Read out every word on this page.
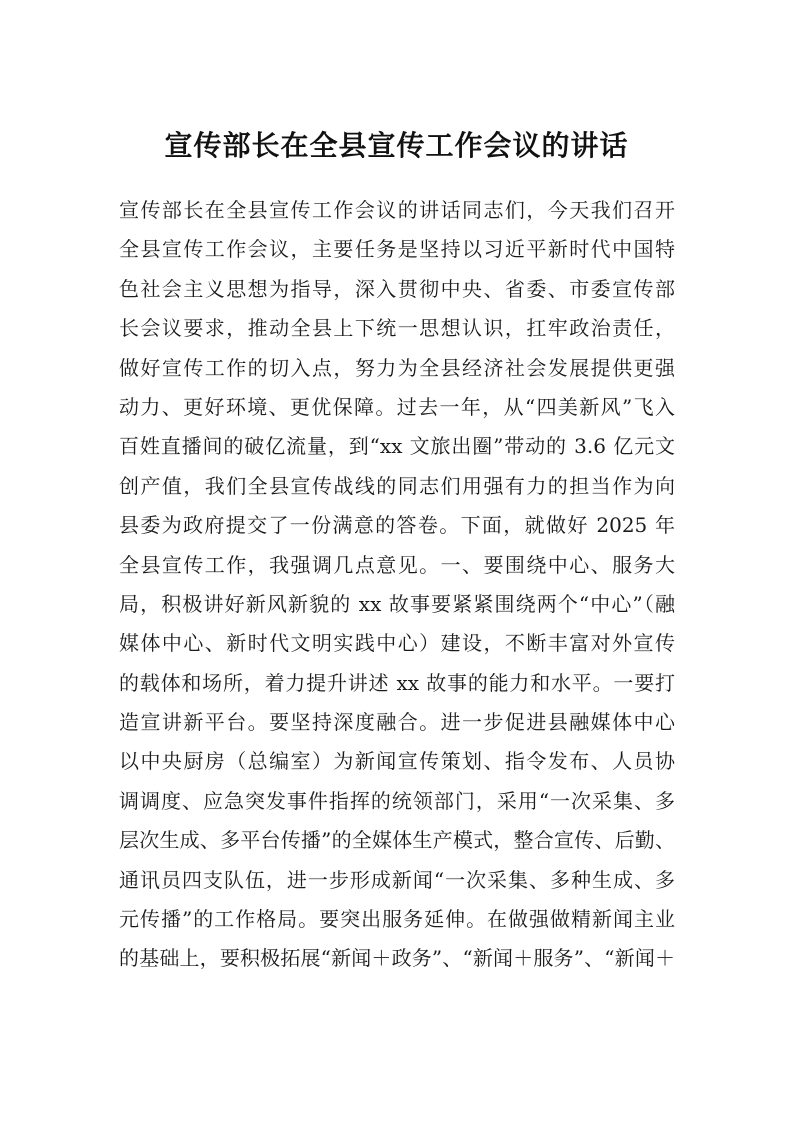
宣传部长在全县宣传工作会议的讲话
宣传部长在全县宣传工作会议的讲话同志们，今天我们召开
全县宣传工作会议，主要任务是坚持以习近平新时代中国特
色社会主义思想为指导，深入贯彻中央、省委、市委宣传部
长会议要求，推动全县上下统一思想认识，扛牢政治责任，
做好宣传工作的切入点，努力为全县经济社会发展提供更强
动力、更好环境、更优保障。过去一年，从“四美新风”飞入
百姓直播间的破亿流量，到“xx 文旅出圈”带动的 3.6 亿元文
创产值，我们全县宣传战线的同志们用强有力的担当作为向
县委为政府提交了一份满意的答卷。下面，就做好 2025 年
全县宣传工作，我强调几点意见。一、要围绕中心、服务大
局，积极讲好新风新貌的 xx 故事要紧紧围绕两个“中心”（融
媒体中心、新时代文明实践中心）建设，不断丰富对外宣传
的载体和场所，着力提升讲述 xx 故事的能力和水平。一要打
造宣讲新平台。要坚持深度融合。进一步促进县融媒体中心
以中央厨房（总编室）为新闻宣传策划、指令发布、人员协
调调度、应急突发事件指挥的统领部门，采用“一次采集、多
层次生成、多平台传播”的全媒体生产模式，整合宣传、后勤、
通讯员四支队伍，进一步形成新闻“一次采集、多种生成、多
元传播”的工作格局。要突出服务延伸。在做强做精新闻主业
的基础上，要积极拓展“新闻＋政务”、“新闻＋服务”、“新闻＋
